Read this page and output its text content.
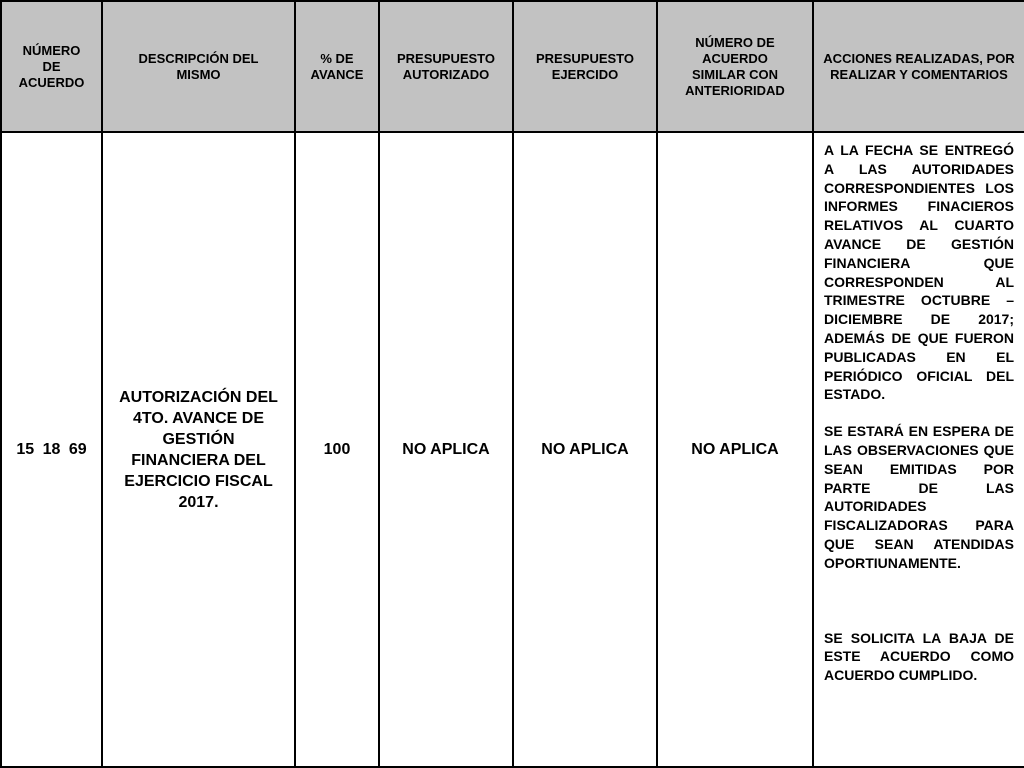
NÚMERO DE ACUERDO	DESCRIPCIÓN DEL MISMO	% DE AVANCE	PRESUPUESTO AUTORIZADO	PRESUPUESTO EJERCIDO	NÚMERO DE ACUERDO SIMILAR CON ANTERIORIDAD	ACCIONES REALIZADAS, POR REALIZAR Y COMENTARIOS

15 18 69	AUTORIZACIÓN DEL 4TO. AVANCE DE GESTIÓN FINANCIERA DEL EJERCICIO FISCAL 2017.	100	NO APLICA	NO APLICA	NO APLICA	A LA FECHA SE ENTREGÓ A LAS AUTORIDADES CORRESPONDIENTES LOS INFORMES FINACIEROS RELATIVOS AL CUARTO AVANCE DE GESTIÓN FINANCIERA QUE CORRESPONDEN AL TRIMESTRE OCTUBRE – DICIEMBRE DE 2017; ADEMÁS DE QUE FUERON PUBLICADAS EN EL PERIÓDICO OFICIAL DEL ESTADO.

SE ESTARÁ EN ESPERA DE LAS OBSERVACIONES QUE SEAN EMITIDAS POR PARTE DE LAS AUTORIDADES FISCALIZADORAS PARA QUE SEAN ATENDIDAS OPORTIUNAMENTE.

SE SOLICITA LA BAJA DE ESTE ACUERDO COMO ACUERDO CUMPLIDO.
